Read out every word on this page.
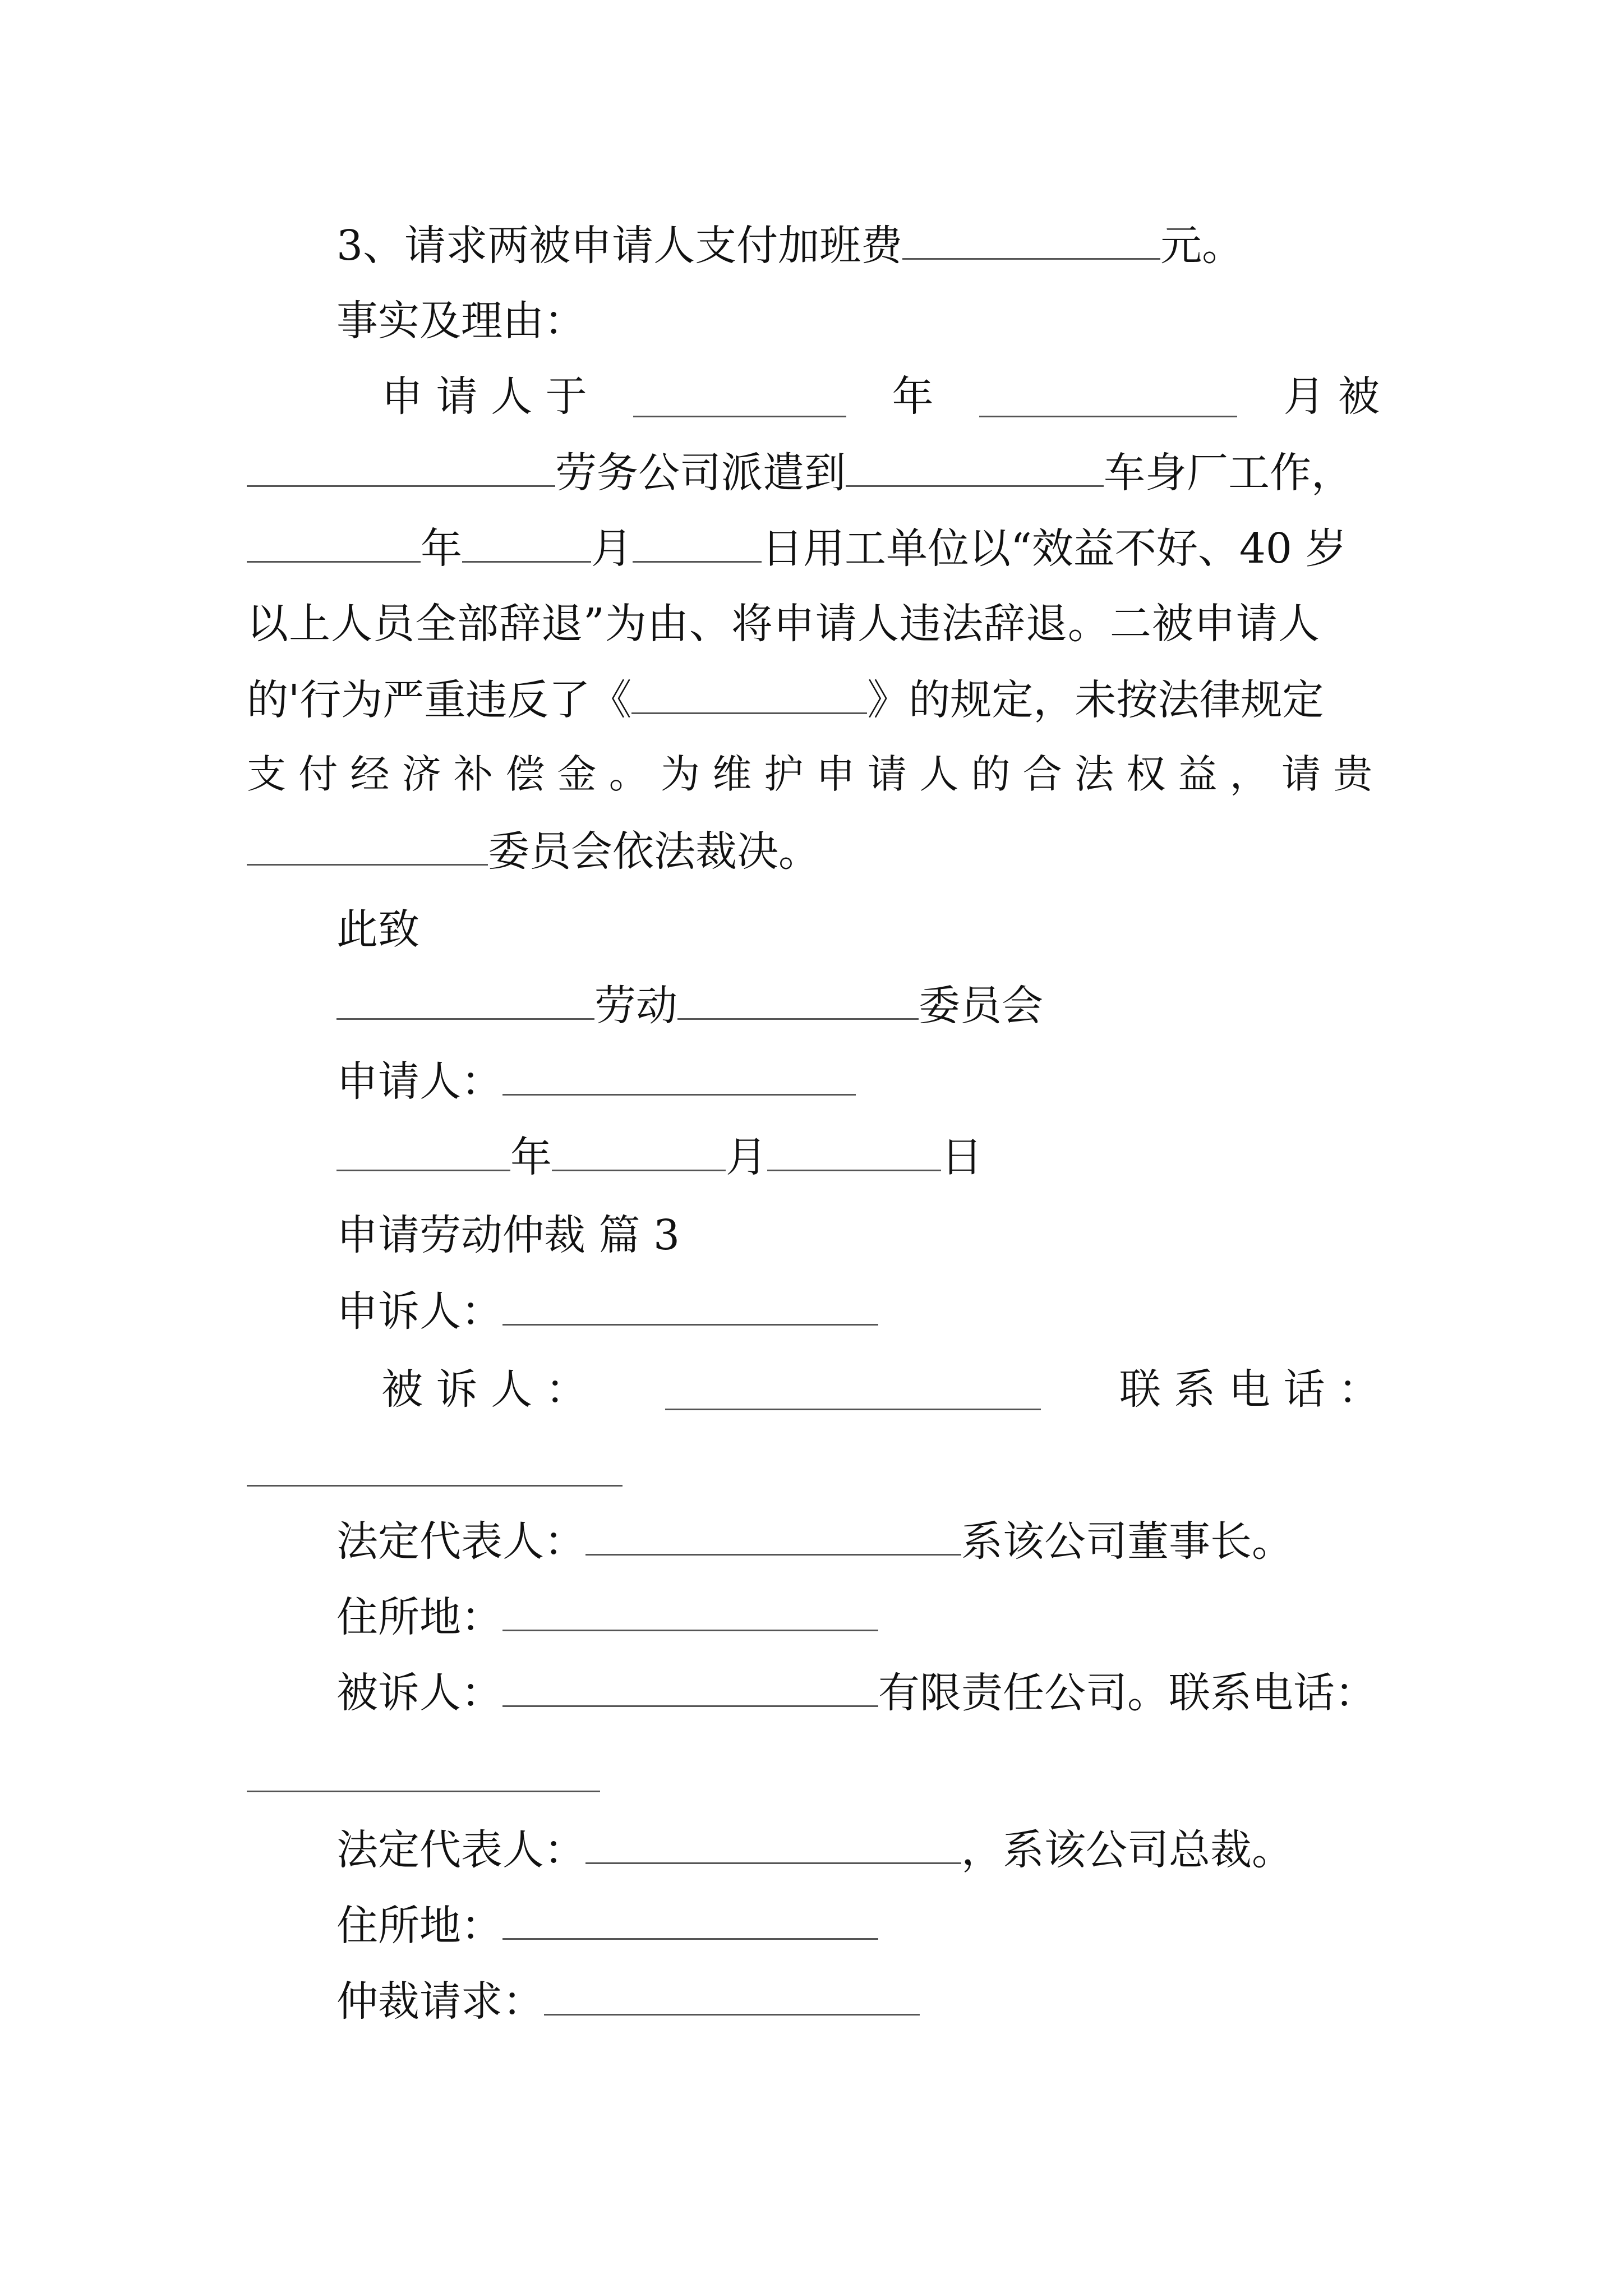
3、请求两被申请人支付加班费	元。
事实及理由：
申 请 人 于	年	月 被
劳务公司派遣到	车身厂工作，
年	月	日用工单位以“效益不好、40 岁
以上人员全部辞退”为由、将申请人违法辞退。二被申请人
的'行为严重违反了《	》的规定，未按法律规定
支 付 经 济 补 偿 金 。 为 维 护 申 请 人 的 合 法 权 益 ， 请 贵
委员会依法裁决。
此致
劳动	委员会
申请人：
年	月	日
申请劳动仲裁 篇 3
申诉人：
被 诉 人 ：	联 系 电 话 ：
法定代表人：	系该公司董事长。
住所地：
被诉人：	有限责任公司。联系电话：
法定代表人：	，系该公司总裁。
住所地：
仲裁请求：
